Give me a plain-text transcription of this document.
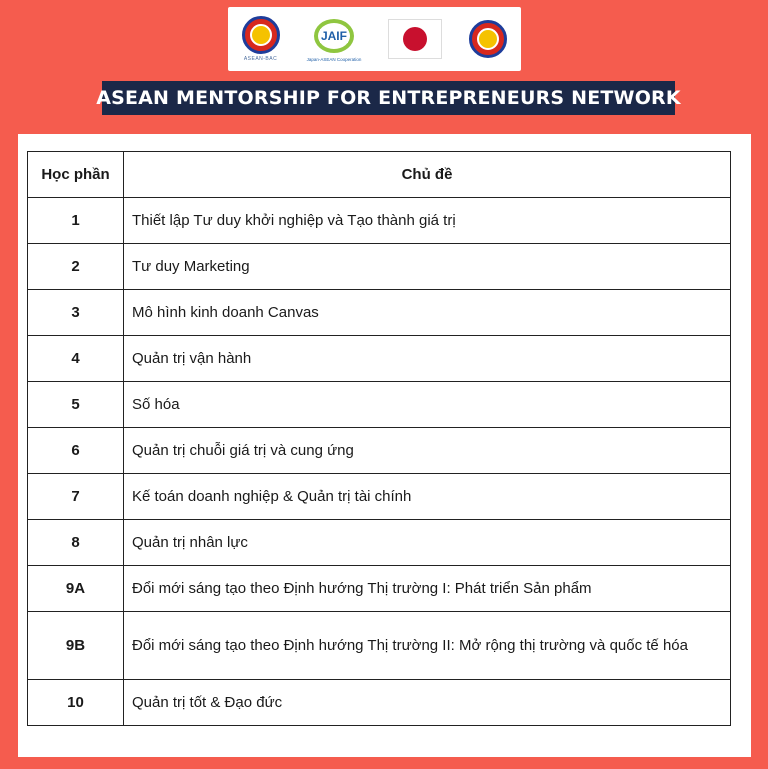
ASEAN-BAC
JAIF
Japan-ASEAN Cooperation
ASEAN MENTORSHIP FOR ENTREPRENEURS NETWORK
Học phần	Chủ đề
1	Thiết lập Tư duy khởi nghiệp và Tạo thành giá trị
2	Tư duy Marketing
3	Mô hình kinh doanh Canvas
4	Quản trị vận hành
5	Số hóa
6	Quản trị chuỗi giá trị và cung ứng
7	Kế toán doanh nghiệp & Quản trị tài chính
8	Quản trị nhân lực
9A	Đổi mới sáng tạo theo Định hướng Thị trường I: Phát triển Sản phẩm
9B	Đổi mới sáng tạo theo Định hướng Thị trường II: Mở rộng thị trường và quốc tế hóa
10	Quản trị tốt & Đạo đức
